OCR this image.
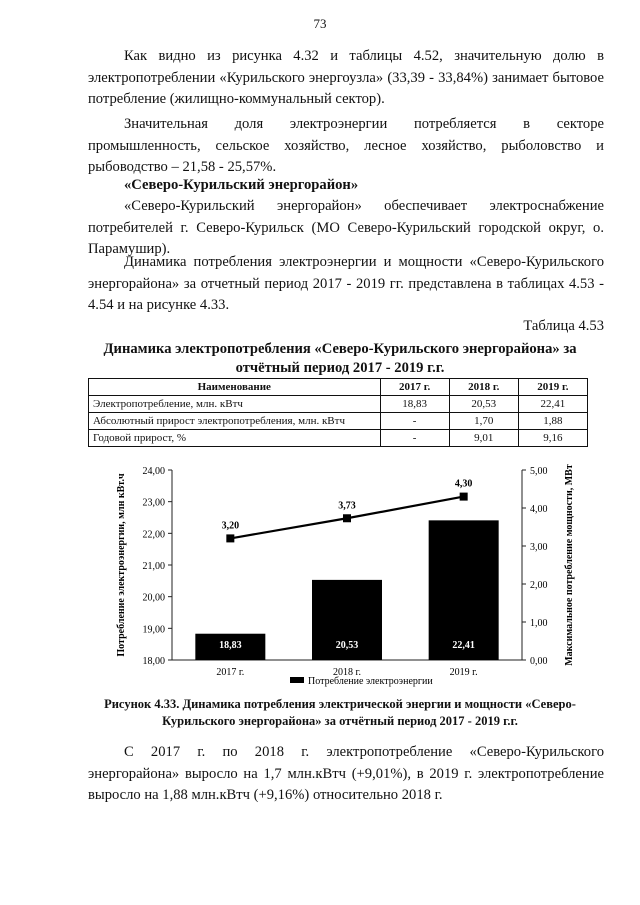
73

Как видно из рисунка 4.32 и таблицы 4.52, значительную долю в электропотреблении «Курильского энергоузла» (33,39 - 33,84%) занимает бытовое потребление (жилищно-коммунальный сектор).

Значительная доля электроэнергии потребляется в секторе промышленность, сельское хозяйство, лесное хозяйство, рыболовство и рыбоводство – 21,58 - 25,57%.

«Северо-Курильский энергорайон»

«Северо-Курильский энергорайон» обеспечивает электроснабжение потребителей г. Северо-Курильск (МО Северо-Курильский городской округ, о. Парамушир).

Динамика потребления электроэнергии и мощности «Северо-Курильского энергорайона» за отчетный период 2017 - 2019 гг. представлена в таблицах 4.53 - 4.54 и на рисунке 4.33.

Таблица 4.53
Динамика электропотребления «Северо-Курильского энергорайона» за отчётный период 2017 - 2019 г.г.
Наименование	2017 г.	2018 г.	2019 г.
Электропотребление, млн. кВтч	18,83	20,53	22,41
Абсолютный прирост электропотребления, млн. кВтч	-	1,70	1,88
Годовой прирост, %	-	9,01	9,16
18,00
19,00
20,00
21,00
22,00
23,00
24,00
0,00
1,00
2,00
3,00
4,00
5,00
18,83
2017 г.
20,53
2018 г.
22,41
2019 г.
3,20
3,73
4,30
Потребление электроэнергии, млн кВт.ч	Максимальное потребление мощности, МВт
Потребление электроэнергии
Рисунок 4.33. Динамика потребления электрической энергии и мощности «Северо-Курильского энергорайона» за отчётный период 2017 - 2019 г.г.

С 2017 г. по 2018 г. электропотребление «Северо-Курильского энергорайона» выросло на 1,7 млн.кВтч (+9,01%), в 2019 г. электропотребление выросло на 1,88 млн.кВтч (+9,16%) относительно 2018 г.
